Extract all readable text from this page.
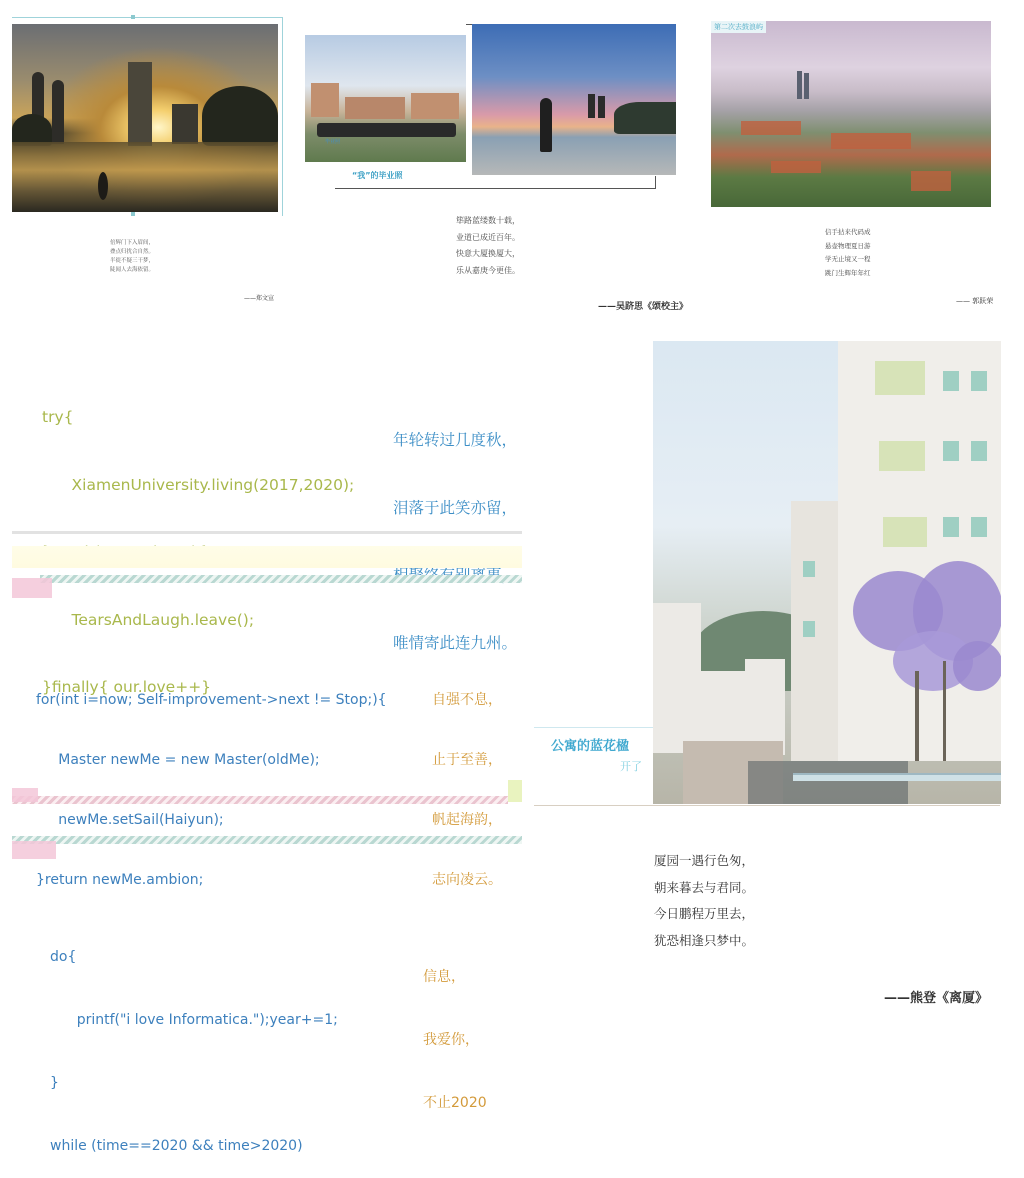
倍辉门下入眉间，
叠点归扰合自然。
半徙不疑三干梦，
陡闻人去海依留。
——郑文宣
毕业照
“我”的毕业照
筚路蓝缕数十载，
业道已成近百年。
快意大厦换厦大，
乐从嘉庚今更佳。
——吴跻思《颂校主》
第二次去鼓浪屿
信手拈来代码成
悬壶物理夏日游
学无止境又一程
跳门生辉年年红
—— 郭跃荣

try{

XiamenUniversity.living(2017,2020);

TearsAndLaugh.leave();

}finally{ our.love++}

年轮转过几度秋，

泪落于此笑亦留，

唯情寄此连九州。

for(int i=now; Self-improvement->next != Stop;){

Master newMe = new Master(oldMe);

newMe.setSail(Haiyun);

}return newMe.ambion;

自强不息，

止于至善，

帆起海韵，

志向凌云。

do{

printf("i love Informatica.");year+=1;

}

while (time==2020 && time>2020)

信息，

我爱你，

不止2020

公寓的蓝花楹
开了
厦园一遇行色匆，
朝来暮去与君同。
今日鹏程万里去，
犹恐相逢只梦中。
——熊登《离厦》
